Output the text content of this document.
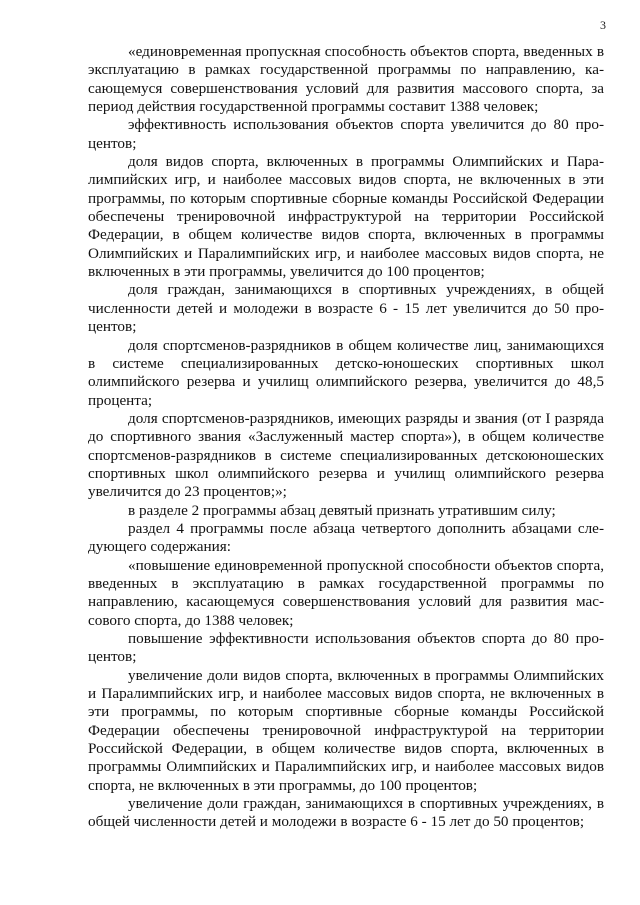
3

«единовременная пропускная способность объектов спорта, введенных в эксплуатацию в рамках государственной программы по направлению, касающемуся совершенствования условий для развития массового спорта, за период действия государственной программы составит 1388 человек;

эффективность использования объектов спорта увеличится до 80 процентов;

доля видов спорта, включенных в программы Олимпийских и Паралимпийских игр, и наиболее массовых видов спорта, не включенных в эти программы, по которым спортивные сборные команды Российской Федерации обеспечены тренировочной инфраструктурой на территории Российской Федерации, в общем количестве видов спорта, включенных в программы Олимпийских и Паралимпийских игр, и наиболее массовых видов спорта, не включенных в эти программы, увеличится до 100 процентов;

доля граждан, занимающихся в спортивных учреждениях, в общей численности детей и молодежи в возрасте 6 - 15 лет увеличится до 50 процентов;

доля спортсменов-разрядников в общем количестве лиц, занимающихся в системе специализированных детско-юношеских спортивных школ олимпийского резерва и училищ олимпийского резерва, увеличится до 48,5 процента;

доля спортсменов-разрядников, имеющих разряды и звания (от I разряда до спортивного звания «Заслуженный мастер спорта»), в общем количестве спортсменов-разрядников в системе специализированных детскоюношеских спортивных школ олимпийского резерва и училищ олимпийского резерва увеличится до 23 процентов;»;

в разделе 2 программы абзац девятый признать утратившим силу;

раздел 4 программы после абзаца четвертого дополнить абзацами следующего содержания:

«повышение единовременной пропускной способности объектов спорта, введенных в эксплуатацию в рамках государственной программы по направлению, касающемуся совершенствования условий для развития массового спорта, до 1388 человек;

повышение эффективности использования объектов спорта до 80 процентов;

увеличение доли видов спорта, включенных в программы Олимпийских и Паралимпийских игр, и наиболее массовых видов спорта, не включенных в эти программы, по которым спортивные сборные команды Российской Федерации обеспечены тренировочной инфраструктурой на территории Российской Федерации, в общем количестве видов спорта, включенных в программы Олимпийских и Паралимпийских игр, и наиболее массовых видов спорта, не включенных в эти программы, до 100 процентов;

увеличение доли граждан, занимающихся в спортивных учреждениях, в общей численности детей и молодежи в возрасте 6 - 15 лет до 50 процентов;
